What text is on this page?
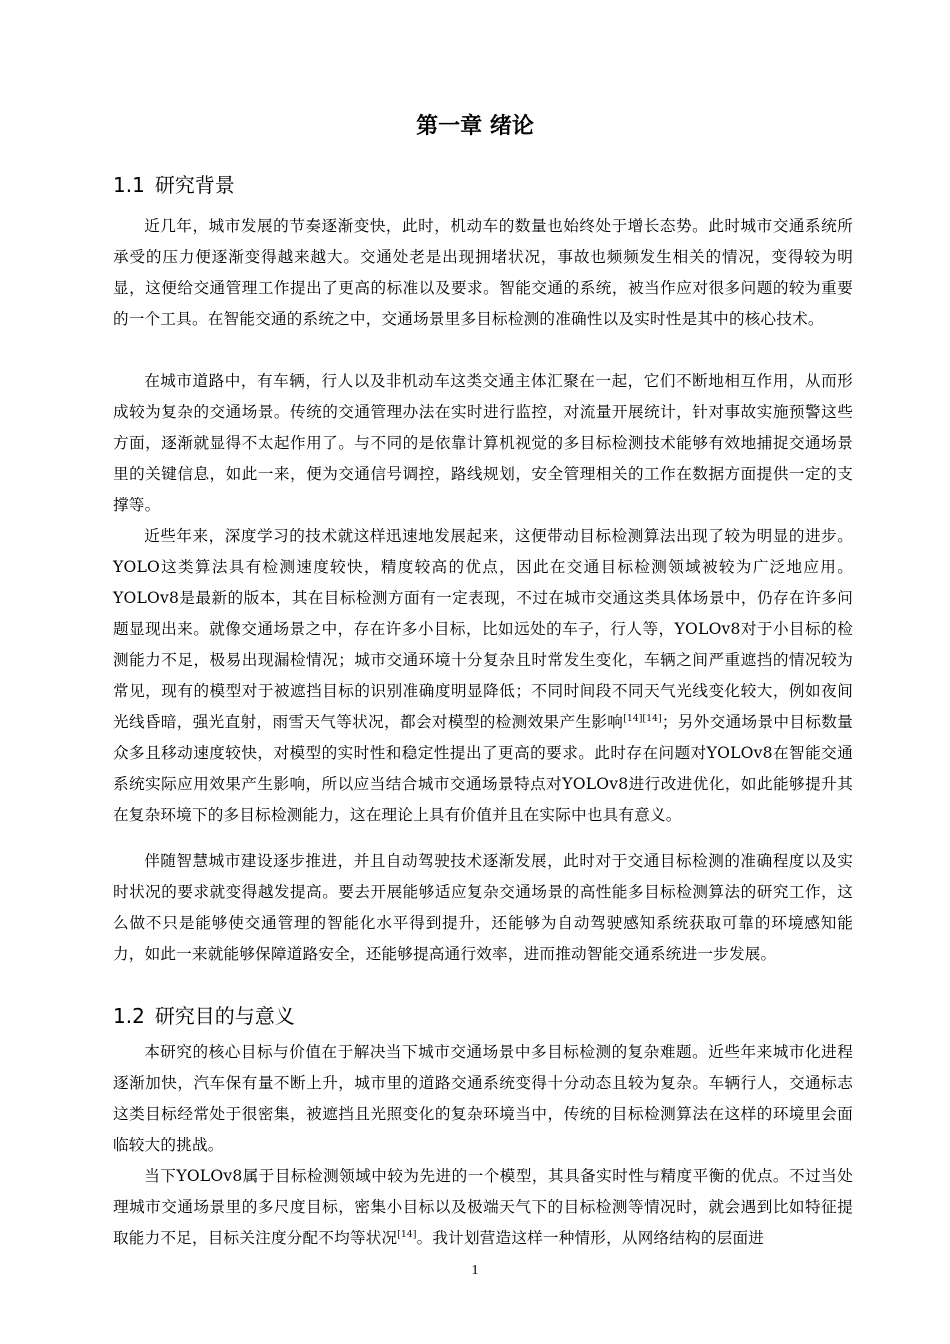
第一章 绪论
1.1 研究背景

近几年，城市发展的节奏逐渐变快，此时，机动车的数量也始终处于增长态势。此时城市交通系统所承受的压力便逐渐变得越来越大。交通处老是出现拥堵状况，事故也频频发生相关的情况，变得较为明显，这便给交通管理工作提出了更高的标准以及要求。智能交通的系统，被当作应对很多问题的较为重要的一个工具。在智能交通的系统之中，交通场景里多目标检测的准确性以及实时性是其中的核心技术。

在城市道路中，有车辆，行人以及非机动车这类交通主体汇聚在一起，它们不断地相互作用，从而形成较为复杂的交通场景。传统的交通管理办法在实时进行监控，对流量开展统计，针对事故实施预警这些方面，逐渐就显得不太起作用了。与不同的是依靠计算机视觉的多目标检测技术能够有效地捕捉交通场景里的关键信息，如此一来，便为交通信号调控，路线规划，安全管理相关的工作在数据方面提供一定的支撑等。

近些年来，深度学习的技术就这样迅速地发展起来，这便带动目标检测算法出现了较为明显的进步。YOLO这类算法具有检测速度较快，精度较高的优点，因此在交通目标检测领域被较为广泛地应用。YOLOv8是最新的版本，其在目标检测方面有一定表现，不过在城市交通这类具体场景中，仍存在许多问题显现出来。就像交通场景之中，存在许多小目标，比如远处的车子，行人等，YOLOv8对于小目标的检测能力不足，极易出现漏检情况；城市交通环境十分复杂且时常发生变化，车辆之间严重遮挡的情况较为常见，现有的模型对于被遮挡目标的识别准确度明显降低；不同时间段不同天气光线变化较大，例如夜间光线昏暗，强光直射，雨雪天气等状况，都会对模型的检测效果产生影响[14][14]；另外交通场景中目标数量众多且移动速度较快，对模型的实时性和稳定性提出了更高的要求。此时存在问题对YOLOv8在智能交通系统实际应用效果产生影响，所以应当结合城市交通场景特点对YOLOv8进行改进优化，如此能够提升其在复杂环境下的多目标检测能力，这在理论上具有价值并且在实际中也具有意义。

伴随智慧城市建设逐步推进，并且自动驾驶技术逐渐发展，此时对于交通目标检测的准确程度以及实时状况的要求就变得越发提高。要去开展能够适应复杂交通场景的高性能多目标检测算法的研究工作，这么做不只是能够使交通管理的智能化水平得到提升，还能够为自动驾驶感知系统获取可靠的环境感知能力，如此一来就能够保障道路安全，还能够提高通行效率，进而推动智能交通系统进一步发展。

1.2 研究目的与意义

本研究的核心目标与价值在于解决当下城市交通场景中多目标检测的复杂难题。近些年来城市化进程逐渐加快，汽车保有量不断上升，城市里的道路交通系统变得十分动态且较为复杂。车辆行人，交通标志这类目标经常处于很密集，被遮挡且光照变化的复杂环境当中，传统的目标检测算法在这样的环境里会面临较大的挑战。

当下YOLOv8属于目标检测领域中较为先进的一个模型，其具备实时性与精度平衡的优点。不过当处理城市交通场景里的多尺度目标，密集小目标以及极端天气下的目标检测等情况时，就会遇到比如特征提取能力不足，目标关注度分配不均等状况[14]。我计划营造这样一种情形，从网络结构的层面进

1
